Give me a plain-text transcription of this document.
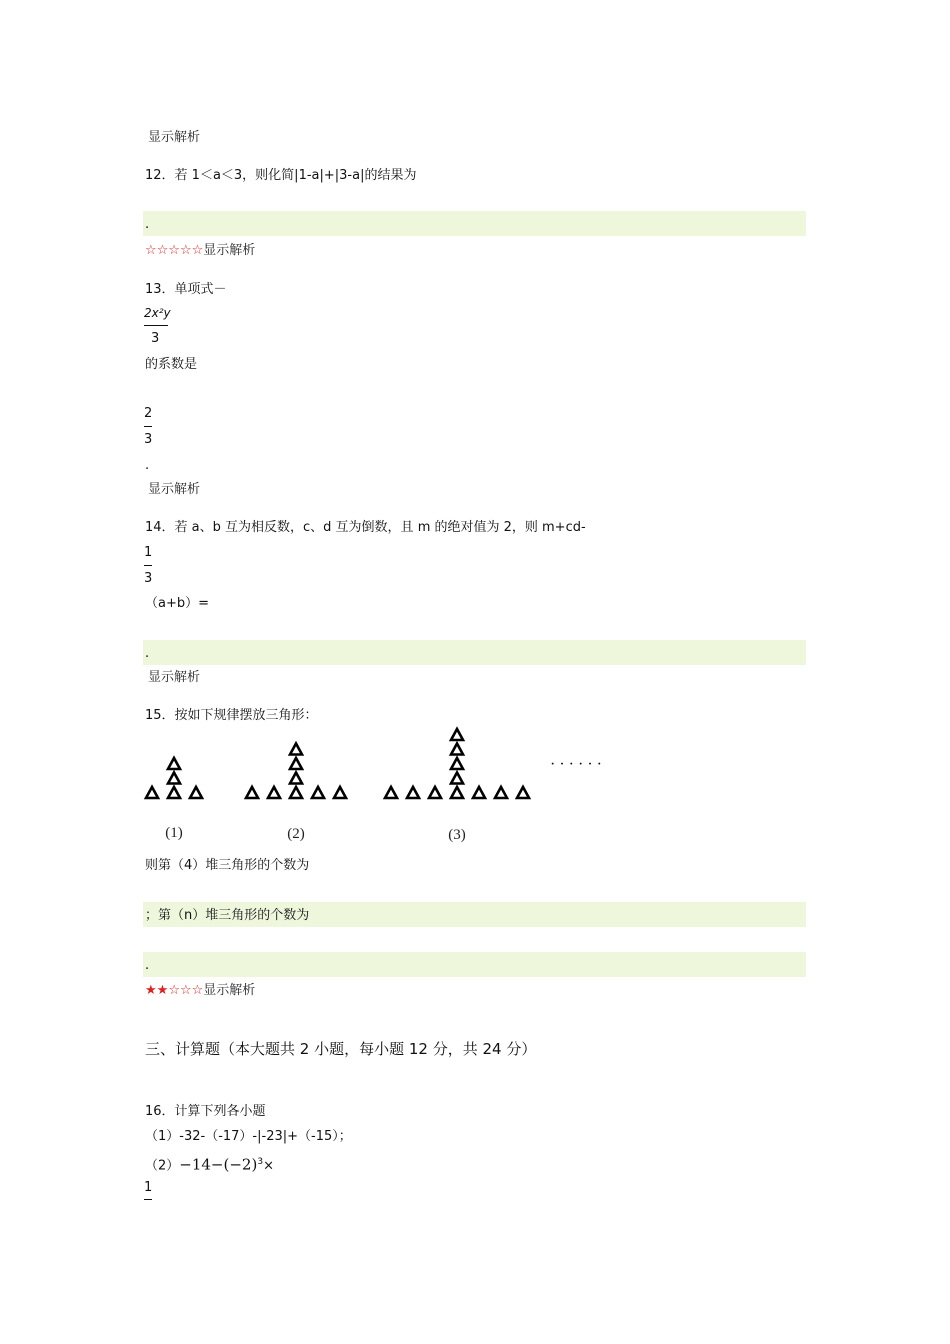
显示解析
12．若 1＜a＜3，则化简|1-a|+|3-a|的结果为
.
☆☆☆☆☆显示解析
13．单项式－
2x²y
3
的系数是
2
3
.
显示解析
14．若 a、b 互为相反数，c、d 互为倒数，且 m 的绝对值为 2，则 m+cd-
1
3
（a+b）=
.
显示解析
15．按如下规律摆放三角形：
(1)	(2)	(3)
· · · · · ·
则第（4）堆三角形的个数为
；第（n）堆三角形的个数为
.
★★☆☆☆显示解析
三、计算题（本大题共 2 小题，每小题 12 分，共 24 分）
16．计算下列各小题
（1）-32-（-17）-|-23|+（-15）；
$(2)-14-(-2)^3\times$
1
